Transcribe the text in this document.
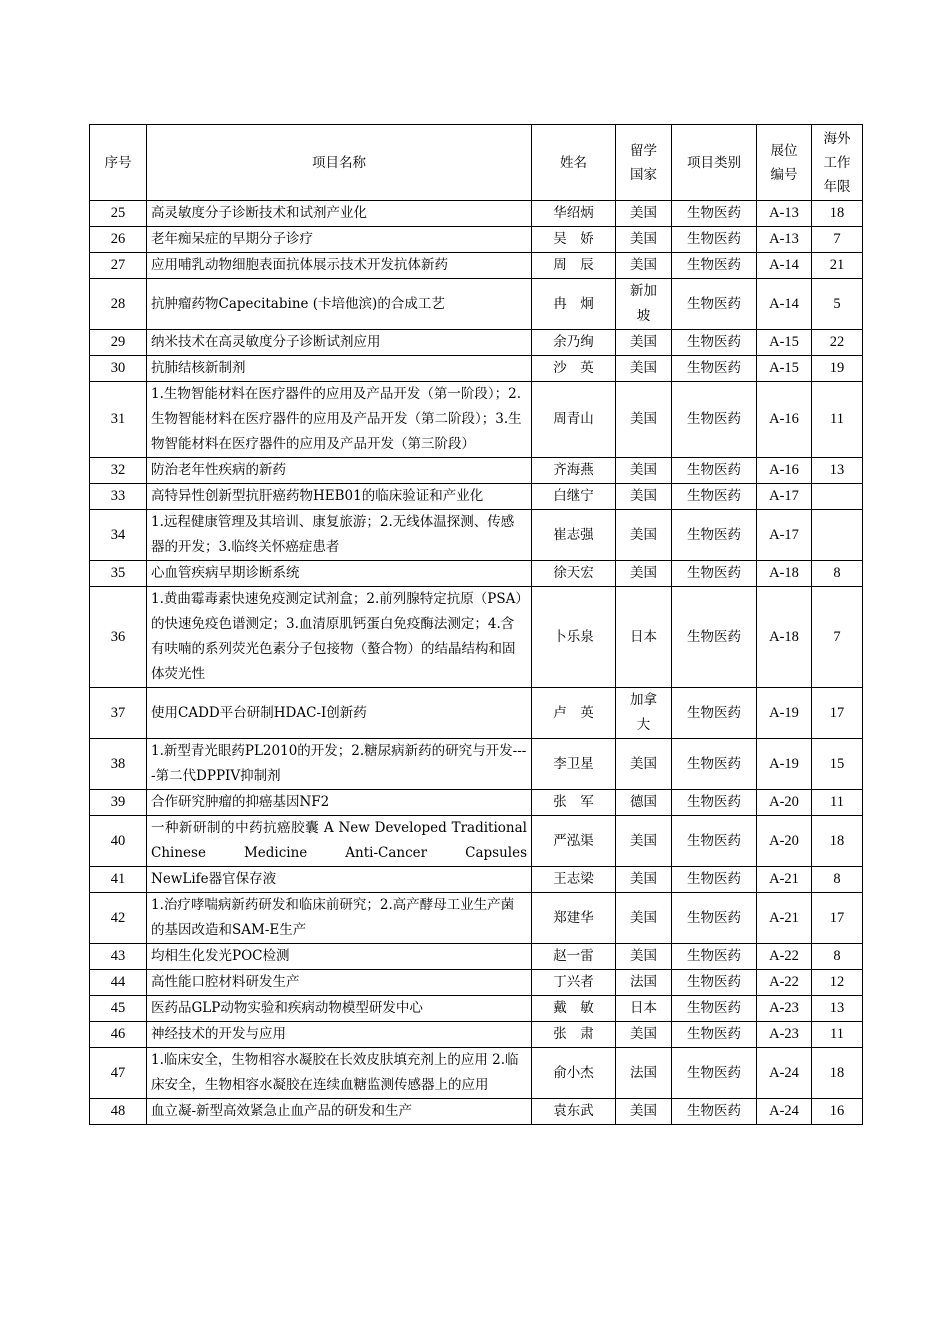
序号	项目名称	姓名	留学国家	项目类别	展位编号	海外工作年限
25	高灵敏度分子诊断技术和试剂产业化	华绍炳	美国	生物医药	A-13	18
26	老年痴呆症的早期分子诊疗	吴　娇	美国	生物医药	A-13	7
27	应用哺乳动物细胞表面抗体展示技术开发抗体新药	周　辰	美国	生物医药	A-14	21
28	抗肿瘤药物Capecitabine (卡培他滨)的合成工艺	冉　炯	新加坡	生物医药	A-14	5
29	纳米技术在高灵敏度分子诊断试剂应用	余乃绚	美国	生物医药	A-15	22
30	抗肺结核新制剂	沙　英	美国	生物医药	A-15	19
31	1.生物智能材料在医疗器件的应用及产品开发（第一阶段）；2.生物智能材料在医疗器件的应用及产品开发（第二阶段）；3.生物智能材料在医疗器件的应用及产品开发（第三阶段）	周青山	美国	生物医药	A-16	11
32	防治老年性疾病的新药	齐海燕	美国	生物医药	A-16	13
33	高特异性创新型抗肝癌药物HEB01的临床验证和产业化	白继宁	美国	生物医药	A-17	
34	1.远程健康管理及其培训、康复旅游；2.无线体温探测、传感器的开发；3.临终关怀癌症患者	崔志强	美国	生物医药	A-17	
35	心血管疾病早期诊断系统	徐天宏	美国	生物医药	A-18	8
36	1.黄曲霉毒素快速免疫测定试剂盒；2.前列腺特定抗原（PSA）的快速免疫色谱测定；3.血清原肌钙蛋白免疫酶法测定；4.含有呋喃的系列荧光色素分子包接物（螯合物）的结晶结构和固体荧光性	卜乐泉	日本	生物医药	A-18	7
37	使用CADD平台研制HDAC-I创新药	卢　英	加拿大	生物医药	A-19	17
38	1.新型青光眼药PL2010的开发；2.糖尿病新药的研究与开发----第二代DPPIV抑制剂	李卫星	美国	生物医药	A-19	15
39	合作研究肿瘤的抑癌基因NF2	张　军	德国	生物医药	A-20	11
40	一种新研制的中药抗癌胶囊 A New Developed Traditional Chinese Medicine Anti-Cancer Capsules	严泓渠	美国	生物医药	A-20	18
41	NewLife器官保存液	王志梁	美国	生物医药	A-21	8
42	1.治疗哮喘病新药研发和临床前研究；2.高产酵母工业生产菌的基因改造和SAM-E生产	郑建华	美国	生物医药	A-21	17
43	均相生化发光POC检测	赵一雷	美国	生物医药	A-22	8
44	高性能口腔材料研发生产	丁兴者	法国	生物医药	A-22	12
45	医药品GLP动物实验和疾病动物模型研发中心	戴　敏	日本	生物医药	A-23	13
46	神经技术的开发与应用	张　肃	美国	生物医药	A-23	11
47	1.临床安全，生物相容水凝胶在长效皮肤填充剂上的应用 2.临床安全，生物相容水凝胶在连续血糖监测传感器上的应用	俞小杰	法国	生物医药	A-24	18
48	血立凝-新型高效紧急止血产品的研发和生产	袁东武	美国	生物医药	A-24	16
